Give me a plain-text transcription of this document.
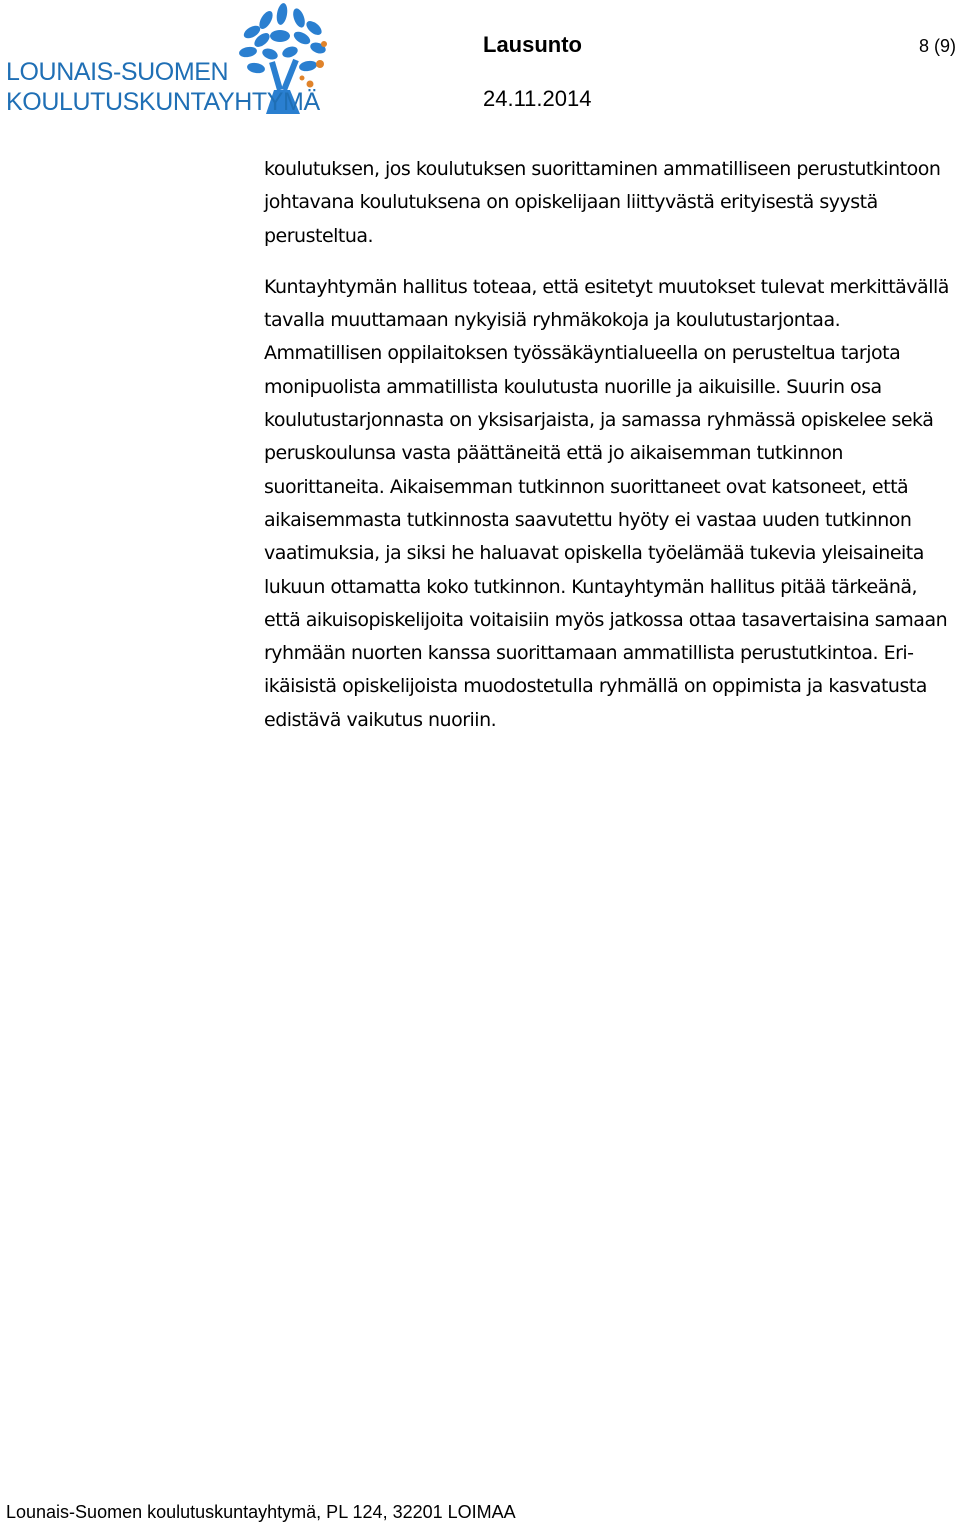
LOUNAIS-SUOMEN
KOULUTUSKUNTAYHTYMÄ
Lausunto	8 (9)
24.11.2014

koulutuksen, jos koulutuksen suorittaminen ammatilliseen perustutkintoon johtavana koulutuksena on opiskelijaan liittyvästä erityisestä syystä perusteltua.

Kuntayhtymän hallitus toteaa, että esitetyt muutokset tulevat merkittävällä tavalla muuttamaan nykyisiä ryhmäkokoja ja koulutustarjontaa. Ammatillisen oppilaitoksen työssäkäyntialueella on perusteltua tarjota monipuolista ammatillista koulutusta nuorille ja aikuisille. Suurin osa koulutustarjonnasta on yksisarjaista, ja samassa ryhmässä opiskelee sekä peruskoulunsa vasta päättäneitä että jo aikaisemman tutkinnon suorittaneita. Aikaisemman tutkinnon suorittaneet ovat katsoneet, että aikaisemmasta tutkinnosta saavutettu hyöty ei vastaa uuden tutkinnon vaatimuksia, ja siksi he haluavat opiskella työelämää tukevia yleisaineita lukuun ottamatta koko tutkinnon. Kuntayhtymän hallitus pitää tärkeänä, että aikuisopiskelijoita voitaisiin myös jatkossa ottaa tasavertaisina samaan ryhmään nuorten kanssa suorittamaan ammatillista perustutkintoa. Eri-ikäisistä opiskelijoista muodostetulla ryhmällä on oppimista ja kasvatusta edistävä vaikutus nuoriin.

Lounais-Suomen koulutuskuntayhtymä, PL 124, 32201 LOIMAA
